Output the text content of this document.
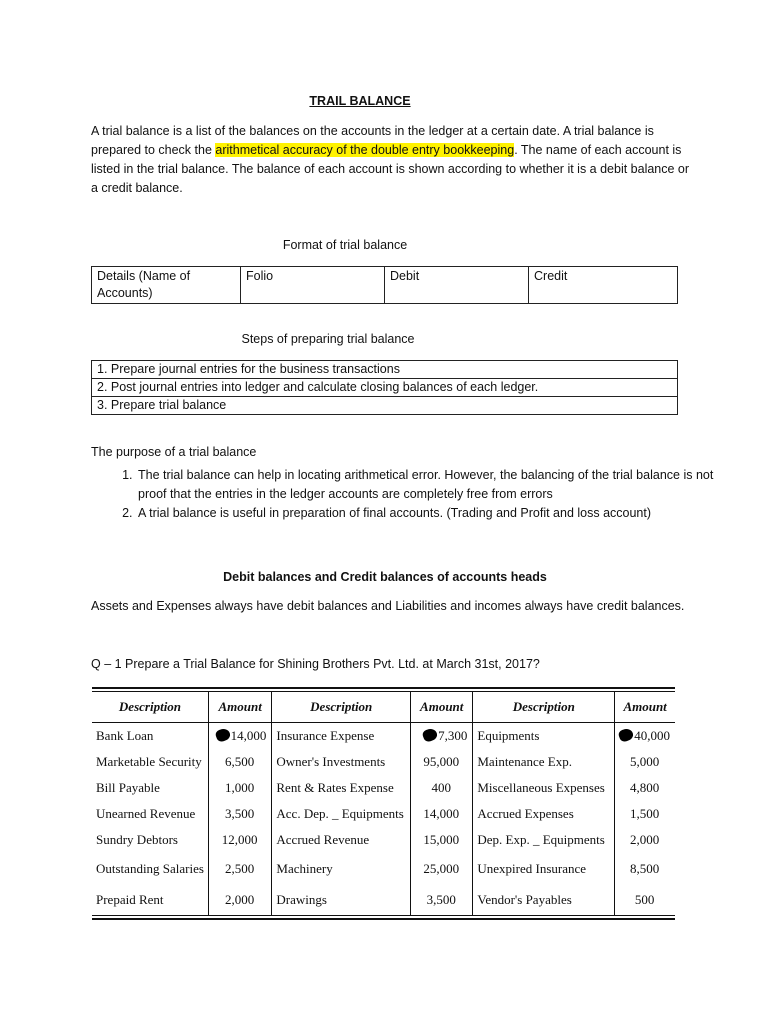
TRAIL BALANCE

A trial balance is a list of the balances on the accounts in the ledger at a certain date. A trial balance is prepared to check the arithmetical accuracy of the double entry bookkeeping. The name of each account is listed in the trial balance. The balance of each account is shown according to whether it is a debit balance or a credit balance.

Format of trial balance
Details (Name of Accounts)	Folio	Debit	Credit
Steps of preparing trial balance
1. Prepare journal entries for the business transactions
2. Post journal entries into ledger and calculate closing balances of each ledger.
3. Prepare trial balance
The purpose of a trial balance
1. The trial balance can help in locating arithmetical error. However, the balancing of the trial balance is not proof that the entries in the ledger accounts are completely free from errors
2. A trial balance is useful in preparation of final accounts. (Trading and Profit and loss account)
Debit balances and Credit balances of accounts heads
Assets and Expenses always have debit balances and Liabilities and incomes always have credit balances.
Q – 1 Prepare a Trial Balance for Shining Brothers Pvt. Ltd. at March 31st, 2017?
Description	Amount	Description	Amount	Description	Amount
Bank Loan	14,000	Insurance Expense	7,300	Equipments	40,000
Marketable Security	6,500	Owner's Investments	95,000	Maintenance Exp.	5,000
Bill Payable	1,000	Rent & Rates Expense	400	Miscellaneous Expenses	4,800
Unearned Revenue	3,500	Acc. Dep. _ Equipments	14,000	Accrued Expenses	1,500
Sundry Debtors	12,000	Accrued Revenue	15,000	Dep. Exp. _ Equipments	2,000
Outstanding Salaries	2,500	Machinery	25,000	Unexpired Insurance	8,500
Prepaid Rent	2,000	Drawings	3,500	Vendor's Payables	500
